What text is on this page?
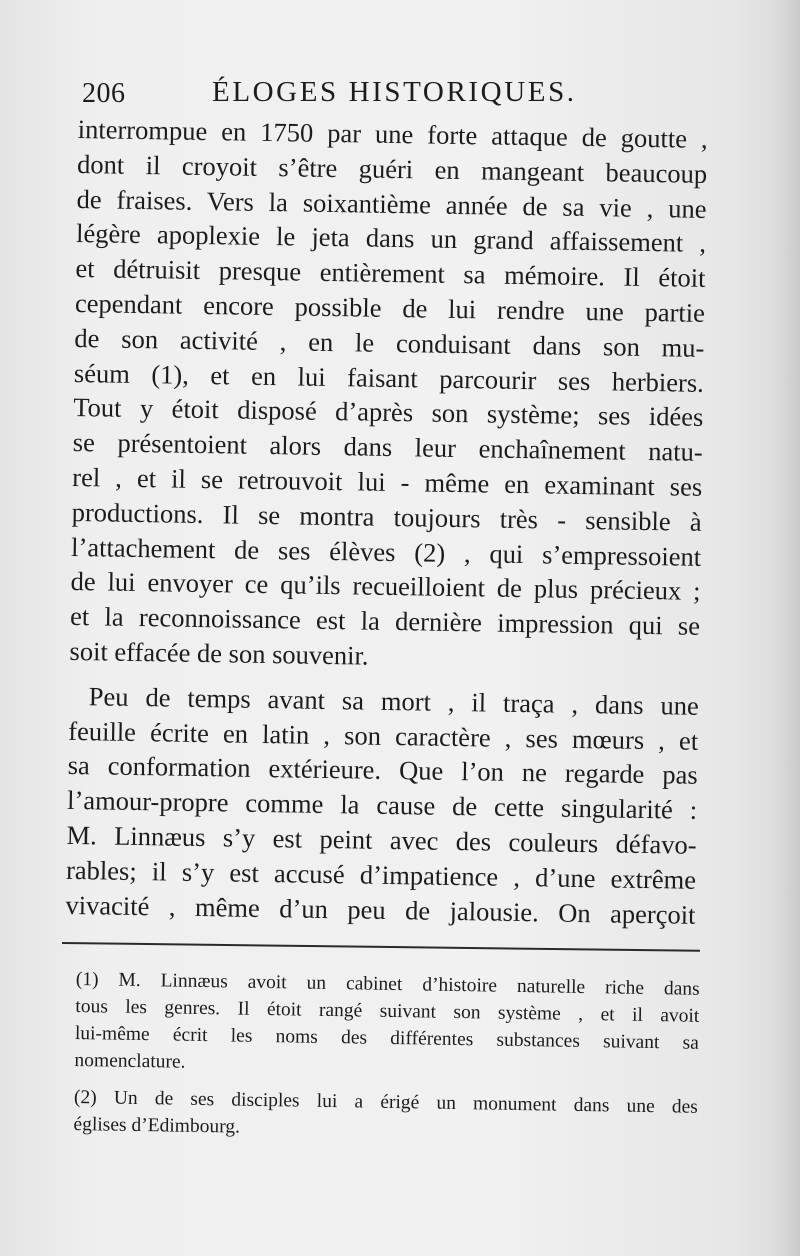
206	ÉLOGES HISTORIQUES.
interrompue en 1750 par une forte attaque de goutte ,
dont il croyoit s’être guéri en mangeant beaucoup
de fraises. Vers la soixantième année de sa vie , une
légère apoplexie le jeta dans un grand affaissement ,
et détruisit presque entièrement sa mémoire. Il étoit
cependant encore possible de lui rendre une partie
de son activité , en le conduisant dans son mu-
séum (1), et en lui faisant parcourir ses herbiers.
Tout y étoit disposé d’après son système; ses idées
se présentoient alors dans leur enchaînement natu-
rel , et il se retrouvoit lui - même en examinant ses
productions. Il se montra toujours très - sensible à
l’attachement de ses élèves (2) , qui s’empressoient
de lui envoyer ce qu’ils recueilloient de plus précieux ;
et la reconnoissance est la dernière impression qui se
soit effacée de son souvenir.
Peu de temps avant sa mort , il traça , dans une
feuille écrite en latin , son caractère , ses mœurs , et
sa conformation extérieure. Que l’on ne regarde pas
l’amour-propre comme la cause de cette singularité :
M. Linnæus s’y est peint avec des couleurs défavo-
rables; il s’y est accusé d’impatience , d’une extrême
vivacité , même d’un peu de jalousie. On aperçoit
(1) M. Linnæus avoit un cabinet d’histoire naturelle riche dans
tous les genres. Il étoit rangé suivant son système , et il avoit
lui-même écrit les noms des différentes substances suivant sa
nomenclature.
(2) Un de ses disciples lui a érigé un monument dans une des
églises d’Edimbourg.
